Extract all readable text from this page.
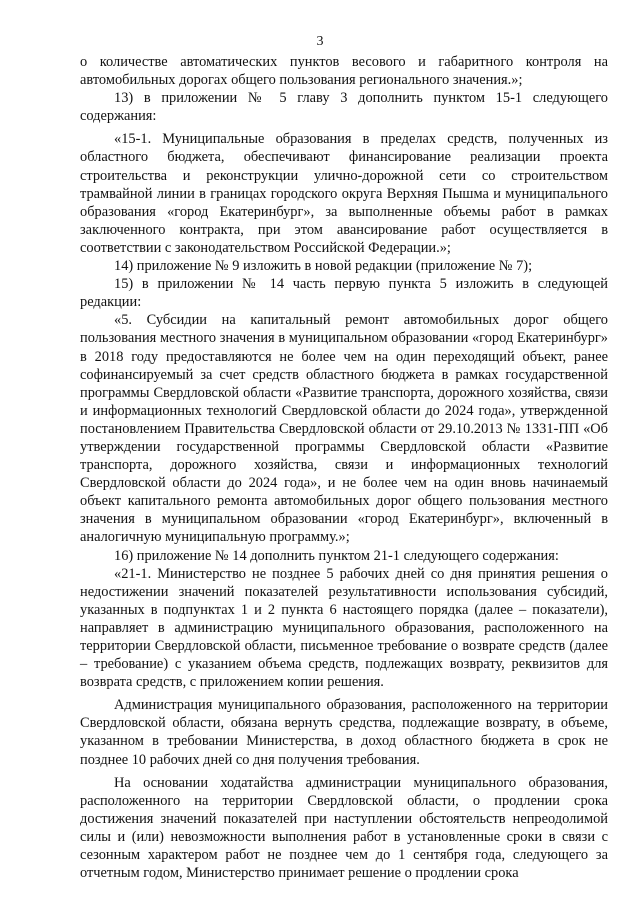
3

о количестве автоматических пунктов весового и габаритного контроля на автомобильных дорогах общего пользования регионального значения.»;

13) в приложении № 5 главу 3 дополнить пунктом 15-1 следующего содержания:

«15-1. Муниципальные образования в пределах средств, полученных из областного бюджета, обеспечивают финансирование реализации проекта строительства и реконструкции улично-дорожной сети со строительством трамвайной линии в границах городского округа Верхняя Пышма и муниципального образования «город Екатеринбург», за выполненные объемы работ в рамках заключенного контракта, при этом авансирование работ осуществляется в соответствии с законодательством Российской Федерации.»;

14) приложение № 9 изложить в новой редакции (приложение № 7);

15) в приложении № 14 часть первую пункта 5 изложить в следующей редакции:

«5. Субсидии на капитальный ремонт автомобильных дорог общего пользования местного значения в муниципальном образовании «город Екатеринбург» в 2018 году предоставляются не более чем на один переходящий объект, ранее софинансируемый за счет средств областного бюджета в рамках государственной программы Свердловской области «Развитие транспорта, дорожного хозяйства, связи и информационных технологий Свердловской области до 2024 года», утвержденной постановлением Правительства Свердловской области от 29.10.2013 № 1331-ПП «Об утверждении государственной программы Свердловской области «Развитие транспорта, дорожного хозяйства, связи и информационных технологий Свердловской области до 2024 года», и не более чем на один вновь начинаемый объект капитального ремонта автомобильных дорог общего пользования местного значения в муниципальном образовании «город Екатеринбург», включенный в аналогичную муниципальную программу.»;

16) приложение № 14 дополнить пунктом 21-1 следующего содержания:

«21-1. Министерство не позднее 5 рабочих дней со дня принятия решения о недостижении значений показателей результативности использования субсидий, указанных в подпунктах 1 и 2 пункта 6 настоящего порядка (далее – показатели), направляет в администрацию муниципального образования, расположенного на территории Свердловской области, письменное требование о возврате средств (далее – требование) с указанием объема средств, подлежащих возврату, реквизитов для возврата средств, с приложением копии решения.

Администрация муниципального образования, расположенного на территории Свердловской области, обязана вернуть средства, подлежащие возврату, в объеме, указанном в требовании Министерства, в доход областного бюджета в срок не позднее 10 рабочих дней со дня получения требования.

На основании ходатайства администрации муниципального образования, расположенного на территории Свердловской области, о продлении срока достижения значений показателей при наступлении обстоятельств непреодолимой силы и (или) невозможности выполнения работ в установленные сроки в связи с сезонным характером работ не позднее чем до 1 сентября года, следующего за отчетным годом, Министерство принимает решение о продлении срока
